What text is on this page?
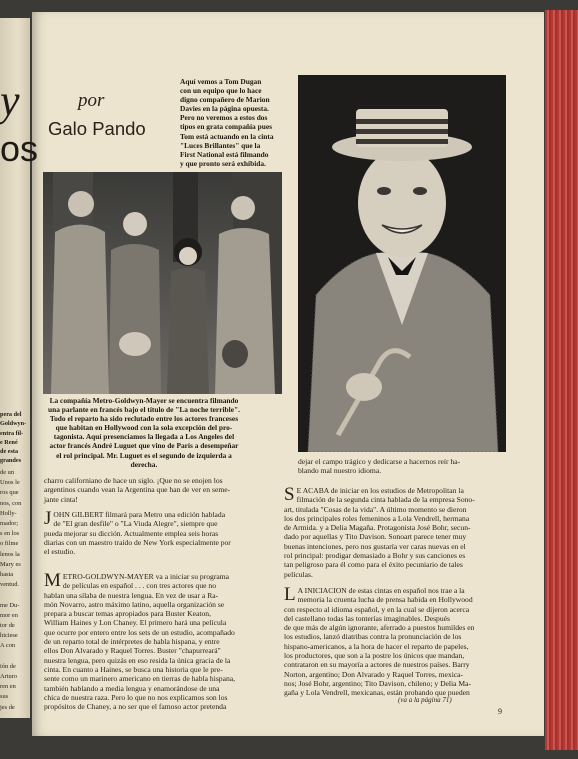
y
os
pera del
Goldwyn-
entra fil-
e René
de esta
grandes
de un
Unos le
ros que
nos, con
Holly-
mador;
s en los
o filme
lenos la
Mary es
hasta
ventud.

me Du-
mor en
tor de
hiciese
A con

ión de
Arturo
ren en
sus
jes de
por
Galo Pando
Aquí vemos a Tom Dugan
con un equipo que lo hace
digno compañero de Marion
Davies en la página opuesta.
Pero no veremos a estos dos
tipos en grata compañía pues
Tom está actuando en la cinta
"Luces Brillantes" que la
First National está filmando
y que pronto será exhibida.
La compañía Metro-Goldwyn-Mayer se encuentra filmando
una parlante en francés bajo el título de "La noche terrible".
Todo el reparto ha sido reclutado entre los actores franceses
que habitan en Hollywood con la sola excepción del pro-
tagonista. Aquí presenciamos la llegada a Los Angeles del
actor francés André Luguet que vino de París a desempeñar
el rol principal. Mr. Luguet es el segundo de izquierda a
derecha.
charro californiano de hace un siglo. ¡Que no se enojen los
argentinos cuando vean la Argentina que han de ver en seme-
jante cinta!
J OHN GILBERT filmará para Metro una edición hablada
de "El gran desfile" o "La Viuda Alegre", siempre que
pueda mejorar su dicción. Actualmente emplea seis horas
diarias con un maestro traído de New York especialmente por
el estudio.
M ETRO-GOLDWYN-MAYER va a iniciar su programa
de películas en español . . . con tres actores que no
hablan una sílaba de nuestra lengua. En vez de usar a Ra-
món Novarro, astro máximo latino, aquella organización se
prepara a buscar temas apropiados para Buster Keaton,
William Haines y Lon Chaney. El primero hará una película
que ocurre por entero entre los sets de un estudio, acompañado
de un reparto total de intérpretes de habla hispana, y entre
ellos Don Alvarado y Raquel Torres. Buster "chapurreará"
nuestra lengua, pero quizás en eso resida la única gracia de la
cinta. En cuanto a Haines, se busca una historia que le pre-
sente como un marinero americano en tierras de habla hispana,
también hablando a media lengua y enamorándose de una
chica de nuestra raza. Pero lo que no nos explicamos son los
propósitos de Chaney, a no ser que el famoso actor pretenda
dejar el campo trágico y dedicarse a hacernos reír ha-
blando mal nuestro idioma.
S E ACABA de iniciar en los estudios de Metropolitan la
filmación de la segunda cinta hablada de la empresa Sono-
art, titulada "Cosas de la vida". A último momento se dieron
los dos principales roles femeninos a Lola Vendrell, hermana
de Armida. y a Delia Magaña. Protagonista José Bohr, secun-
dado por aquellas y Tito Davison. Sonoart parece tener muy
buenas intenciones, pero nos gustaría ver caras nuevas en el
rol principal: prodigar demasiado a Bohr y sus canciones es
tan peligroso para él como para el éxito pecuniario de tales
películas.
L A INICIACION de estas cintas en español nos trae a la
memoria la cruenta lucha de prensa habida en Hollywood
con respecto al idioma español, y en la cual se dijeron acerca
del castellano todas las tonterías imaginables. Después
de que más de algún ignorante, aferrado a puestos humildes en
los estudios, lanzó diatribas contra la pronunciación de los
hispano-americanos, a la hora de hacer el reparto de papeles,
los productores, que son a la postre los únicos que mandan,
contrataron en su mayoría a actores de nuestros países. Barry
Norton, argentino; Don Alvarado y Raquel Torres, mexica-
nos; José Bohr, argentino; Tito Davison, chileno; y Delia Ma-
gaña y Lola Vendrell, mexicanas, están probando que pueden
(va a la página 71)
9
